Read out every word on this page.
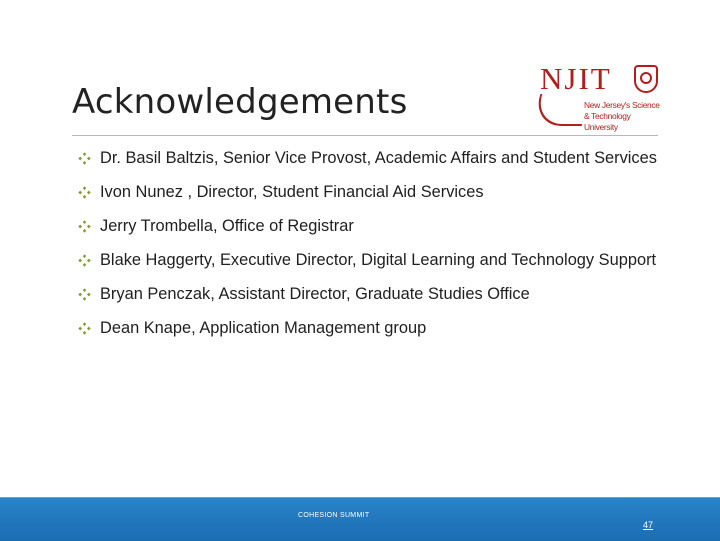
Acknowledgements
NJIT
New Jersey's Science & Technology University
Dr. Basil Baltzis, Senior Vice Provost, Academic Affairs and Student Services
Ivon Nunez , Director, Student Financial Aid Services
Jerry Trombella, Office of Registrar
Blake Haggerty, Executive Director, Digital Learning and Technology Support
Bryan Penczak, Assistant Director, Graduate Studies Office
Dean Knape, Application Management group
COHESION SUMMIT
47
